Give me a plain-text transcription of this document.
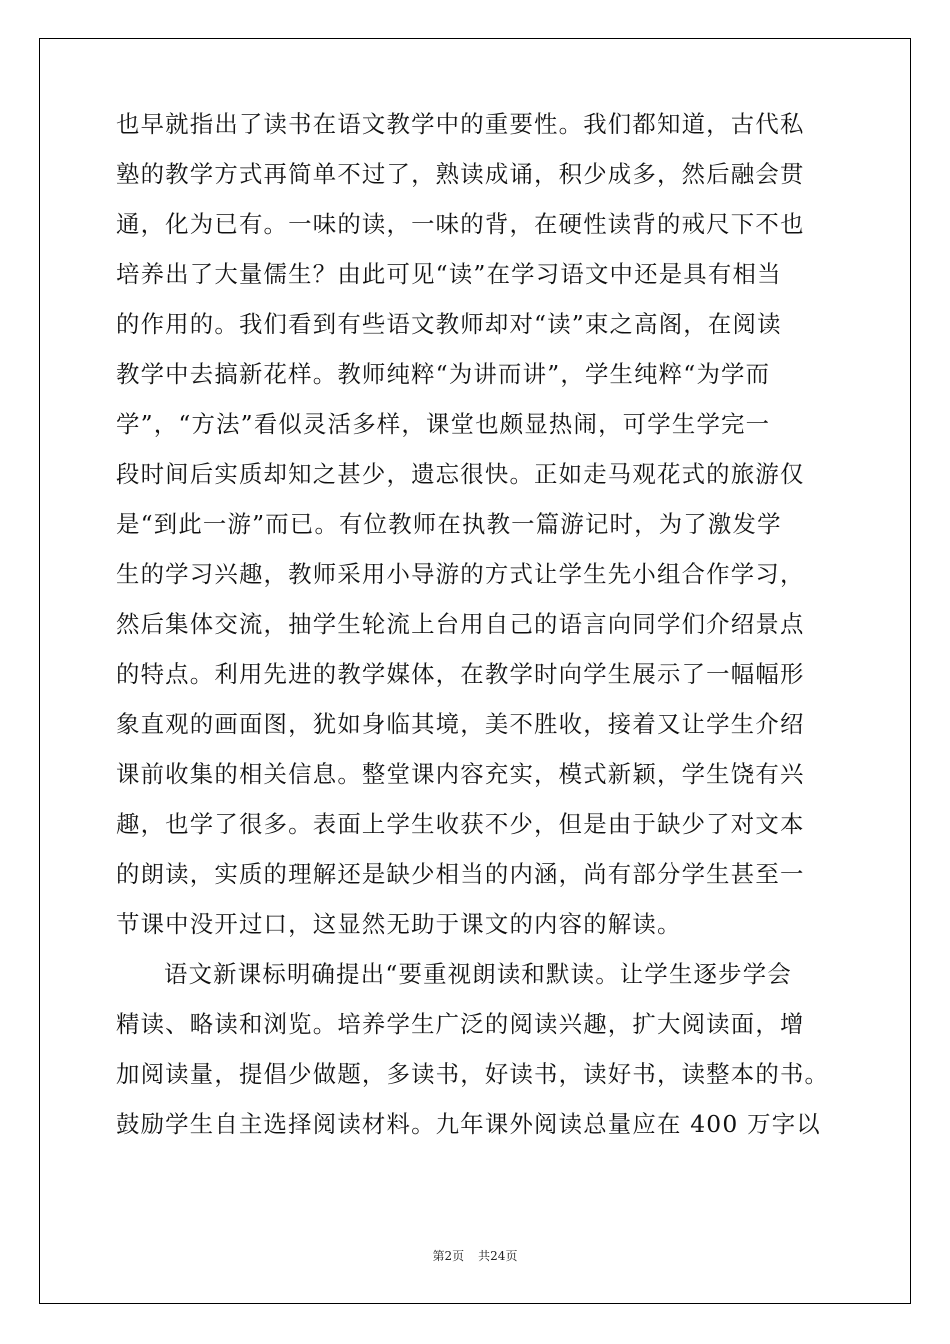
也早就指出了读书在语文教学中的重要性。我们都知道，古代私
塾的教学方式再简单不过了，熟读成诵，积少成多，然后融会贯
通，化为已有。一味的读，一味的背，在硬性读背的戒尺下不也
培养出了大量儒生？由此可见“读”在学习语文中还是具有相当
的作用的。我们看到有些语文教师却对“读”束之高阁，在阅读
教学中去搞新花样。教师纯粹“为讲而讲”，学生纯粹“为学而
学”，“方法”看似灵活多样，课堂也颇显热闹，可学生学完一
段时间后实质却知之甚少，遗忘很快。正如走马观花式的旅游仅
是“到此一游”而已。有位教师在执教一篇游记时，为了激发学
生的学习兴趣，教师采用小导游的方式让学生先小组合作学习，
然后集体交流，抽学生轮流上台用自己的语言向同学们介绍景点
的特点。利用先进的教学媒体，在教学时向学生展示了一幅幅形
象直观的画面图，犹如身临其境，美不胜收，接着又让学生介绍
课前收集的相关信息。整堂课内容充实，模式新颖，学生饶有兴
趣，也学了很多。表面上学生收获不少，但是由于缺少了对文本
的朗读，实质的理解还是缺少相当的内涵，尚有部分学生甚至一
节课中没开过口，这显然无助于课文的内容的解读。
语文新课标明确提出“要重视朗读和默读。让学生逐步学会
精读、略读和浏览。培养学生广泛的阅读兴趣，扩大阅读面，增
加阅读量，提倡少做题，多读书，好读书，读好书，读整本的书。
鼓励学生自主选择阅读材料。九年课外阅读总量应在 400 万字以
第2页 共24页
